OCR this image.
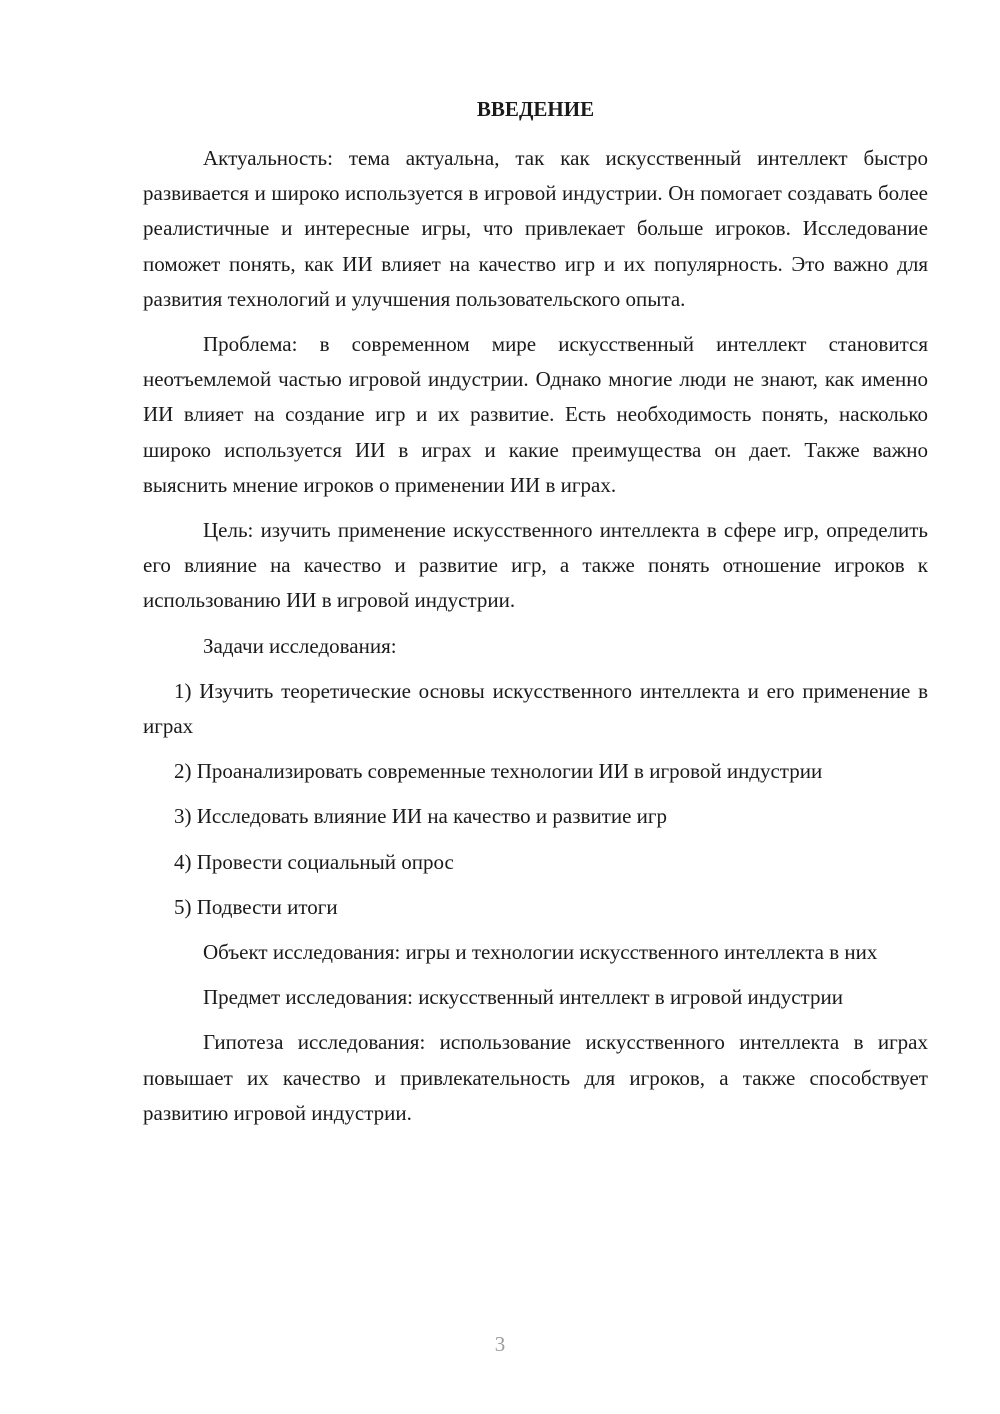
ВВЕДЕНИЕ

Актуальность: тема актуальна, так как искусственный интеллект быстро развивается и широко используется в игровой индустрии. Он помогает создавать более реалистичные и интересные игры, что привлекает больше игроков. Исследование поможет понять, как ИИ влияет на качество игр и их популярность. Это важно для развития технологий и улучшения пользовательского опыта.

Проблема: в современном мире искусственный интеллект становится неотъемлемой частью игровой индустрии. Однако многие люди не знают, как именно ИИ влияет на создание игр и их развитие. Есть необходимость понять, насколько широко используется ИИ в играх и какие преимущества он дает. Также важно выяснить мнение игроков о применении ИИ в играх.

Цель: изучить применение искусственного интеллекта в сфере игр, определить его влияние на качество и развитие игр, а также понять отношение игроков к использованию ИИ в игровой индустрии.

Задачи исследования:

1) Изучить теоретические основы искусственного интеллекта и его применение в играх

2) Проанализировать современные технологии ИИ в игровой индустрии

3) Исследовать влияние ИИ на качество и развитие игр

4) Провести социальный опрос

5) Подвести итоги

Объект исследования: игры и технологии искусственного интеллекта в них

Предмет исследования: искусственный интеллект в игровой индустрии

Гипотеза исследования: использование искусственного интеллекта в играх повышает их качество и привлекательность для игроков, а также способствует развитию игровой индустрии.

3
